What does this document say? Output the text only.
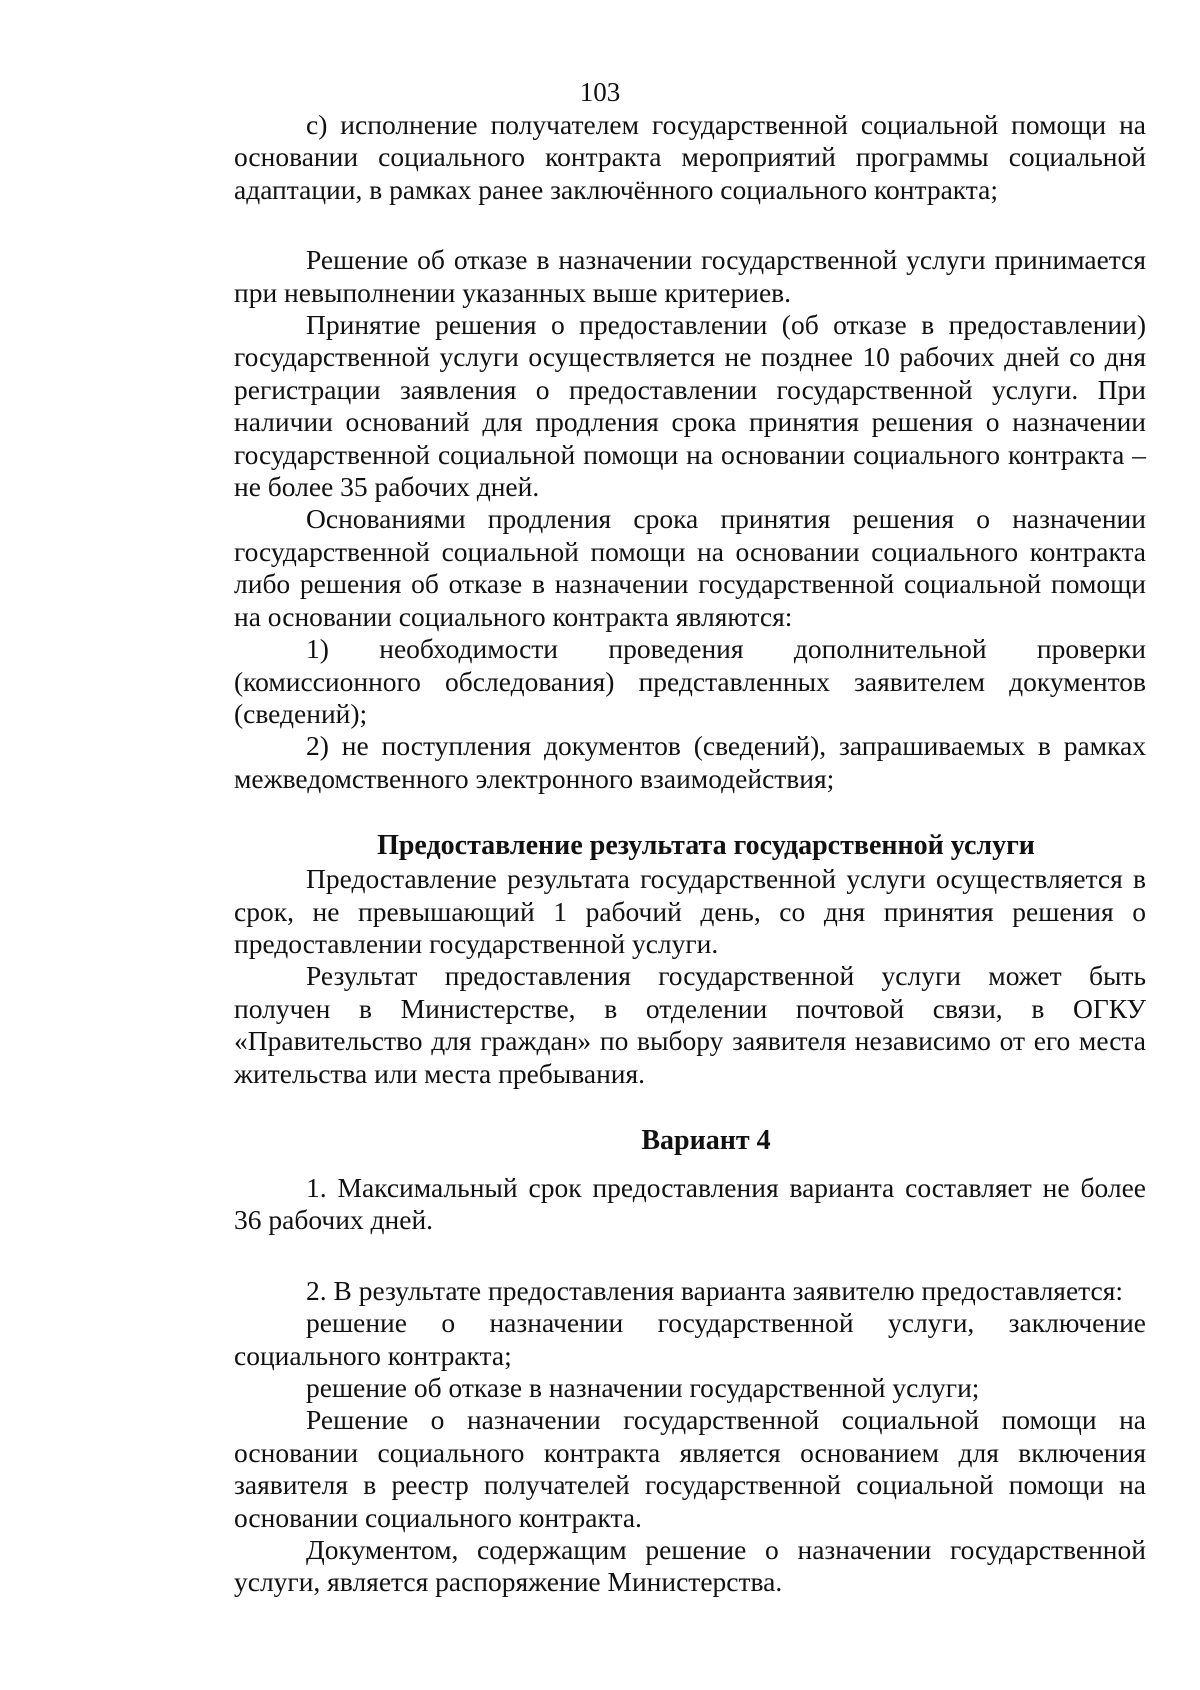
103

с) исполнение получателем государственной социальной помощи на основании социального контракта мероприятий программы социальной адаптации, в рамках ранее заключённого социального контракта;

Решение об отказе в назначении государственной услуги принимается при невыполнении указанных выше критериев.

Принятие решения о предоставлении (об отказе в предоставлении) государственной услуги осуществляется не позднее 10 рабочих дней со дня регистрации заявления о предоставлении государственной услуги. При наличии оснований для продления срока принятия решения о назначении государственной социальной помощи на основании социального контракта – не более 35 рабочих дней.

Основаниями продления срока принятия решения о назначении государственной социальной помощи на основании социального контракта либо решения об отказе в назначении государственной социальной помощи на основании социального контракта являются:

1) необходимости проведения дополнительной проверки (комиссионного обследования) представленных заявителем документов (сведений);

2) не поступления документов (сведений), запрашиваемых в рамках межведомственного электронного взаимодействия;

Предоставление результата государственной услуги

Предоставление результата государственной услуги осуществляется в срок, не превышающий 1 рабочий день, со дня принятия решения о предоставлении государственной услуги.

Результат предоставления государственной услуги может быть получен в Министерстве, в отделении почтовой связи, в ОГКУ «Правительство для граждан» по выбору заявителя независимо от его места жительства или места пребывания.

Вариант 4

1. Максимальный срок предоставления варианта составляет не более 36 рабочих дней.

2. В результате предоставления варианта заявителю предоставляется:

решение о назначении государственной услуги, заключение социального контракта;

решение об отказе в назначении государственной услуги;

Решение о назначении государственной социальной помощи на основании социального контракта является основанием для включения заявителя в реестр получателей государственной социальной помощи на основании социального контракта.

Документом, содержащим решение о назначении государственной услуги, является распоряжение Министерства.
